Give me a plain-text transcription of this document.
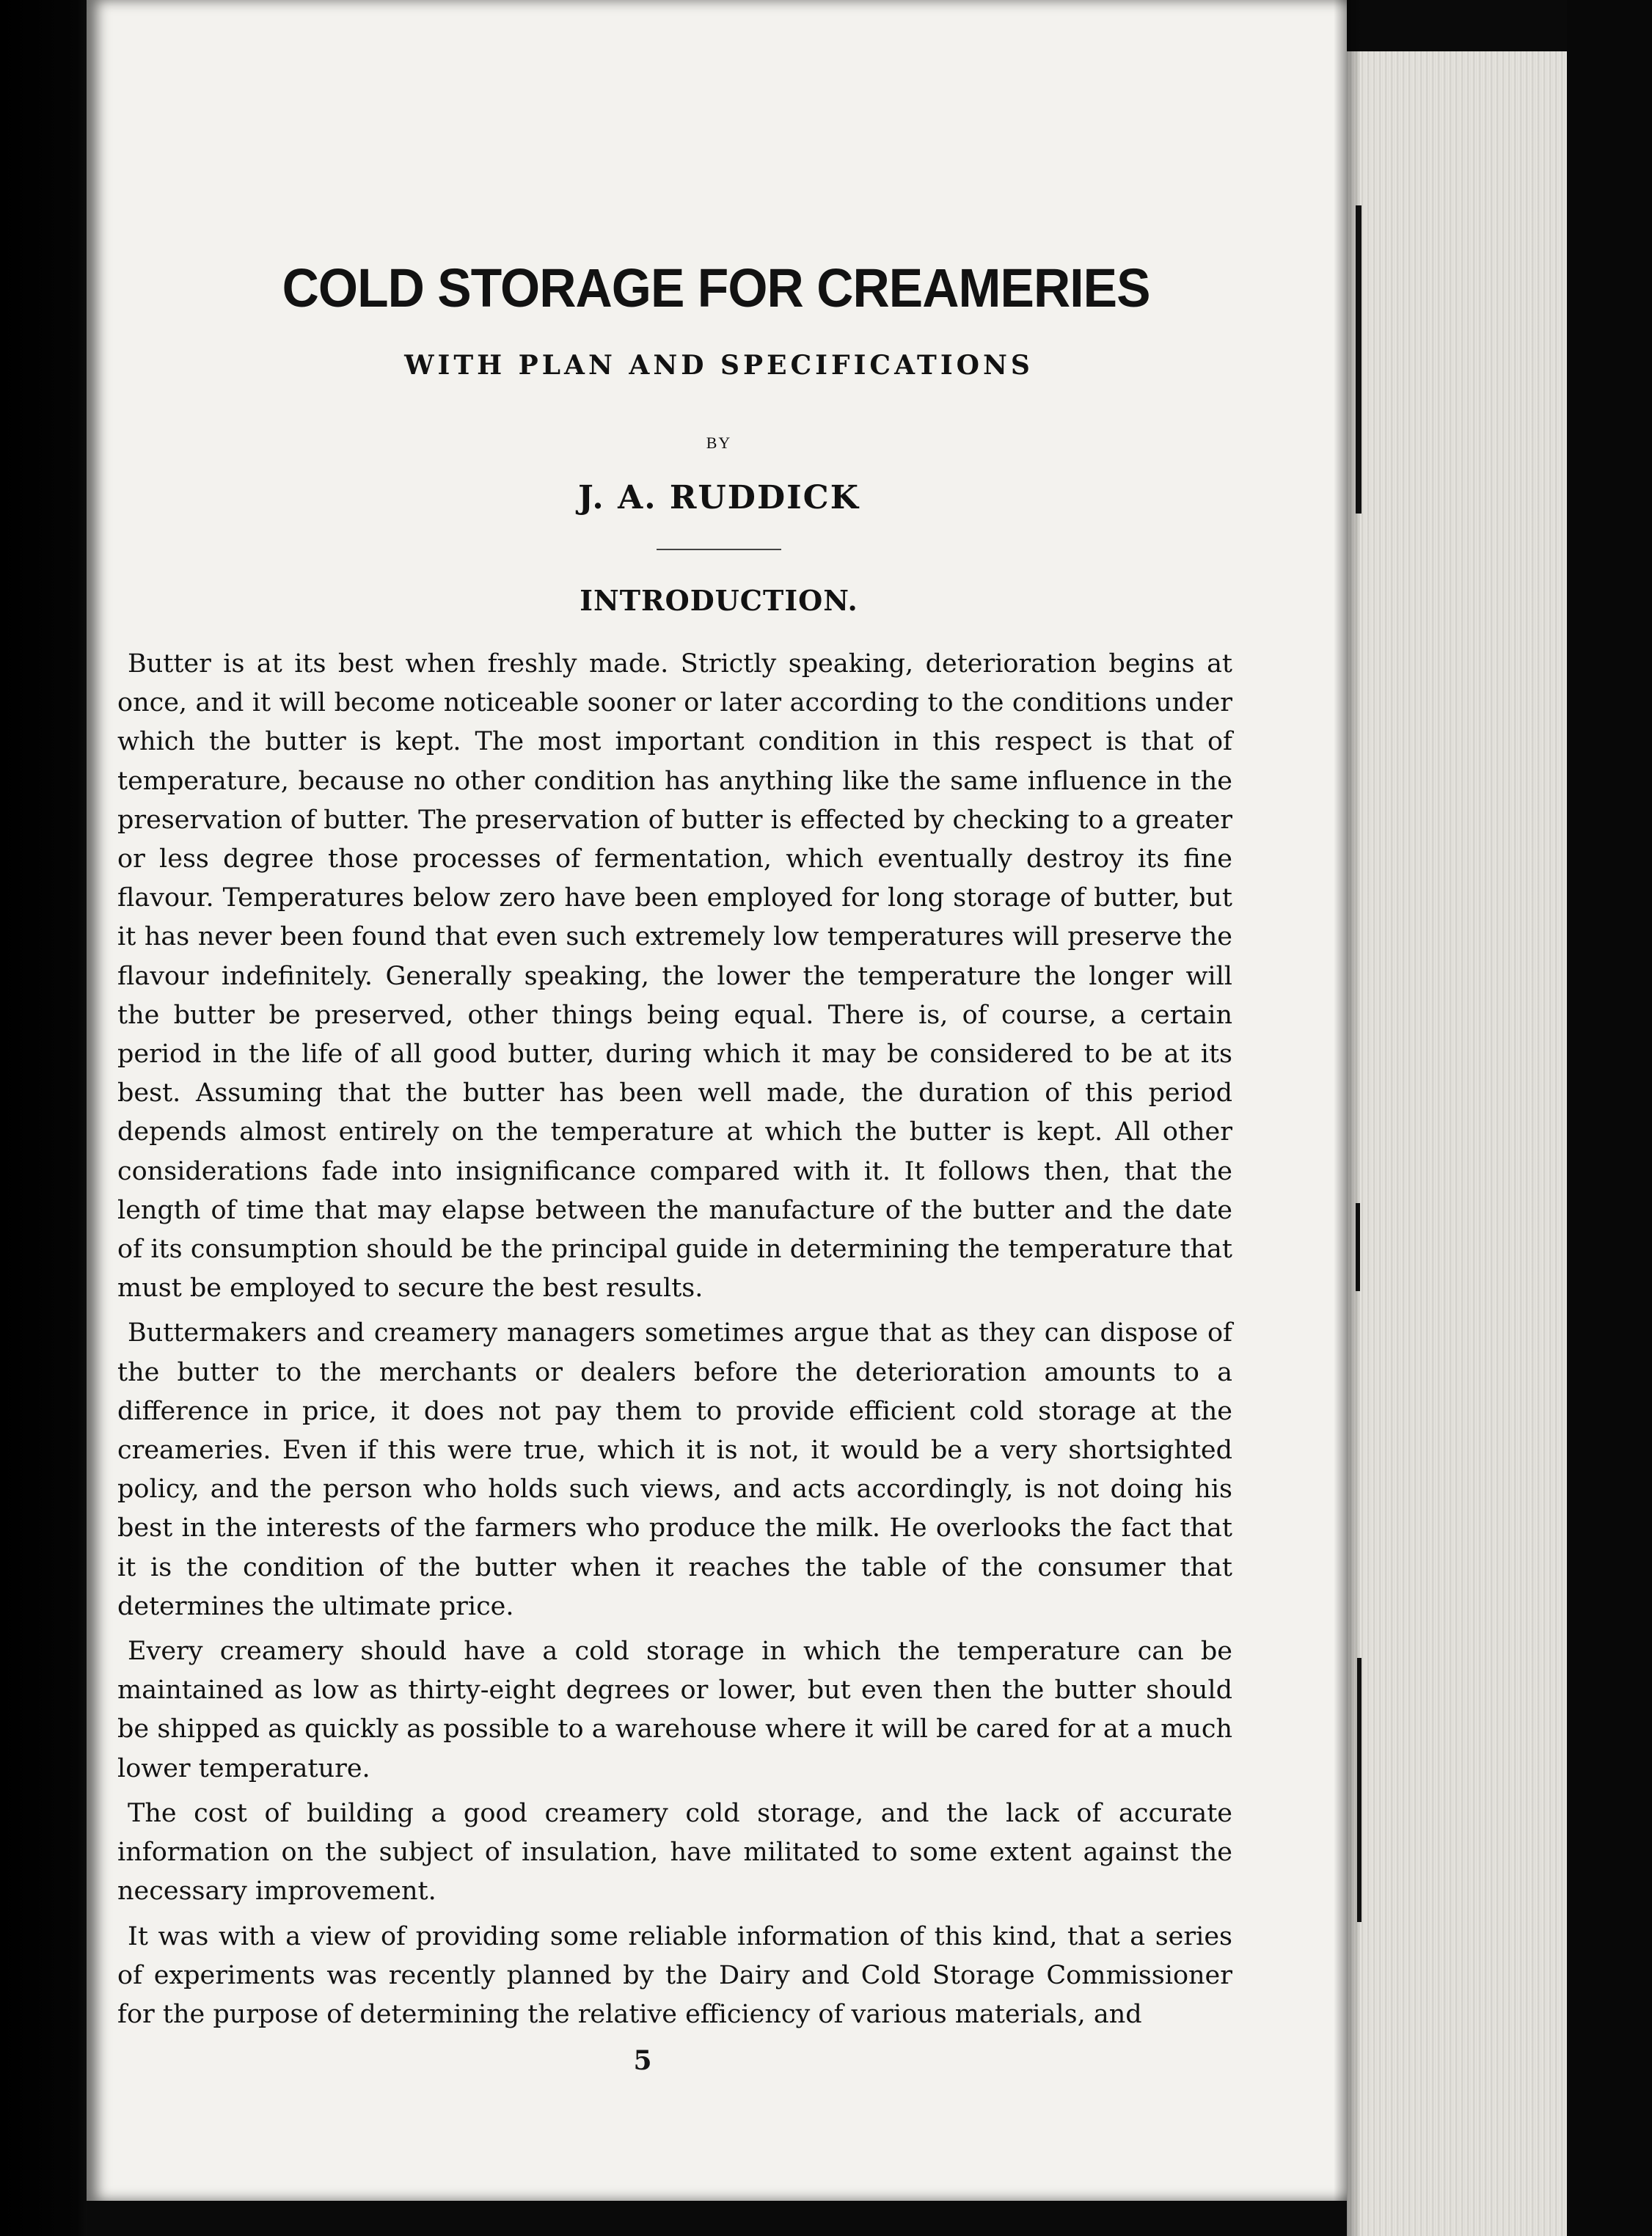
COLD STORAGE FOR CREAMERIES
WITH PLAN AND SPECIFICATIONS
BY
J. A. RUDDICK
INTRODUCTION.

Butter is at its best when freshly made. Strictly speaking, deterioration begins at once, and it will become noticeable sooner or later according to the conditions under which the butter is kept. The most important condition in this respect is that of temperature, because no other condition has anything like the same influence in the preservation of butter. The preservation of butter is effected by checking to a greater or less degree those processes of fermentation, which eventually destroy its fine flavour. Temperatures below zero have been employed for long storage of butter, but it has never been found that even such extremely low temperatures will preserve the flavour indefinitely. Generally speaking, the lower the temperature the longer will the butter be preserved, other things being equal. There is, of course, a certain period in the life of all good butter, during which it may be considered to be at its best. Assuming that the butter has been well made, the duration of this period depends almost entirely on the temperature at which the butter is kept. All other considerations fade into insignificance compared with it. It follows then, that the length of time that may elapse between the manufacture of the butter and the date of its consumption should be the principal guide in determining the temperature that must be employed to secure the best results.

Buttermakers and creamery managers sometimes argue that as they can dispose of the butter to the merchants or dealers before the deterioration amounts to a difference in price, it does not pay them to provide efficient cold storage at the creameries. Even if this were true, which it is not, it would be a very shortsighted policy, and the person who holds such views, and acts accordingly, is not doing his best in the interests of the farmers who produce the milk. He overlooks the fact that it is the condition of the butter when it reaches the table of the consumer that determines the ultimate price.

Every creamery should have a cold storage in which the temperature can be maintained as low as thirty-eight degrees or lower, but even then the butter should be shipped as quickly as possible to a warehouse where it will be cared for at a much lower temperature.

The cost of building a good creamery cold storage, and the lack of accurate information on the subject of insulation, have militated to some extent against the necessary improvement.

It was with a view of providing some reliable information of this kind, that a series of experiments was recently planned by the Dairy and Cold Storage Commissioner for the purpose of determining the relative efficiency of various materials, and

5
